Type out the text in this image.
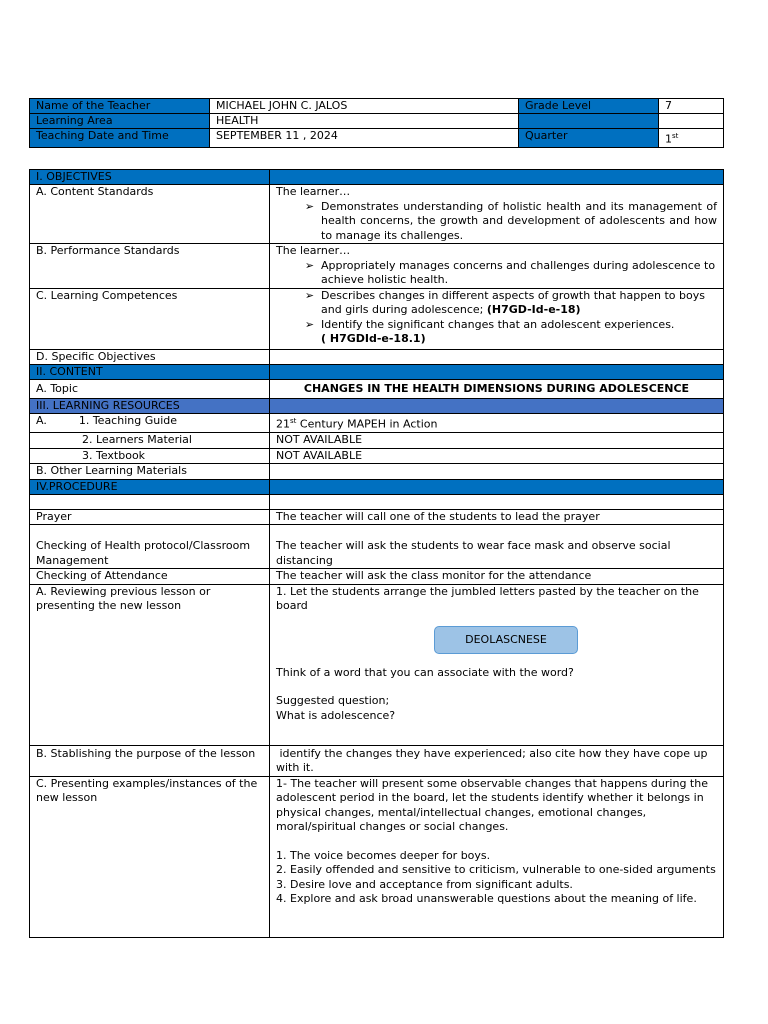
Name of the Teacher	MICHAEL JOHN C. JALOS	Grade Level	7
Learning Area	HEALTH		
Teaching Date and Time	SEPTEMBER 11 , 2024	Quarter	1st
I. OBJECTIVES	
A. Content Standards	The learner…
➢ Demonstrates understanding of holistic health and its management of health concerns, the growth and development of adolescents and how to manage its challenges.

B. Performance Standards	The learner…
➢ Appropriately manages concerns and challenges during adolescence to achieve holistic health.

C. Learning Competences	➢ Describes changes in different aspects of growth that happen to boys and girls during adolescence; (H7GD-Id-e-18)
➢ Identify the significant changes that an adolescent experiences.
( H7GDId-e-18.1)

D. Specific Objectives	
II. CONTENT	
A. Topic	CHANGES IN THE HEALTH DIMENSIONS DURING ADOLESCENCE
III. LEARNING RESOURCES	
A. 1. Teaching Guide	21st Century MAPEH in Action
2. Learners Material	NOT AVAILABLE
3. Textbook	NOT AVAILABLE
B. Other Learning Materials	
IV.PROCEDURE	

Prayer	The teacher will call one of the students to lead the prayer
Checking of Health protocol/Classroom Management	The teacher will ask the students to wear face mask and observe social distancing
Checking of Attendance	The teacher will ask the class monitor for the attendance
A. Reviewing previous lesson or presenting the new lesson	1. Let the students arrange the jumbled letters pasted by the teacher on the board
DEOLASCNESE
Think of a word that you can associate with the word?
Suggested question;
What is adolescence?

B. Stablishing the purpose of the lesson	identify the changes they have experienced; also cite how they have cope up with it.
C. Presenting examples/instances of the new lesson	1- The teacher will present some observable changes that happens during the adolescent period in the board, let the students identify whether it belongs in physical changes, mental/intellectual changes, emotional changes, moral/spiritual changes or social changes.
1. The voice becomes deeper for boys.
2. Easily offended and sensitive to criticism, vulnerable to one-sided arguments
3. Desire love and acceptance from significant adults.
4. Explore and ask broad unanswerable questions about the meaning of life.
